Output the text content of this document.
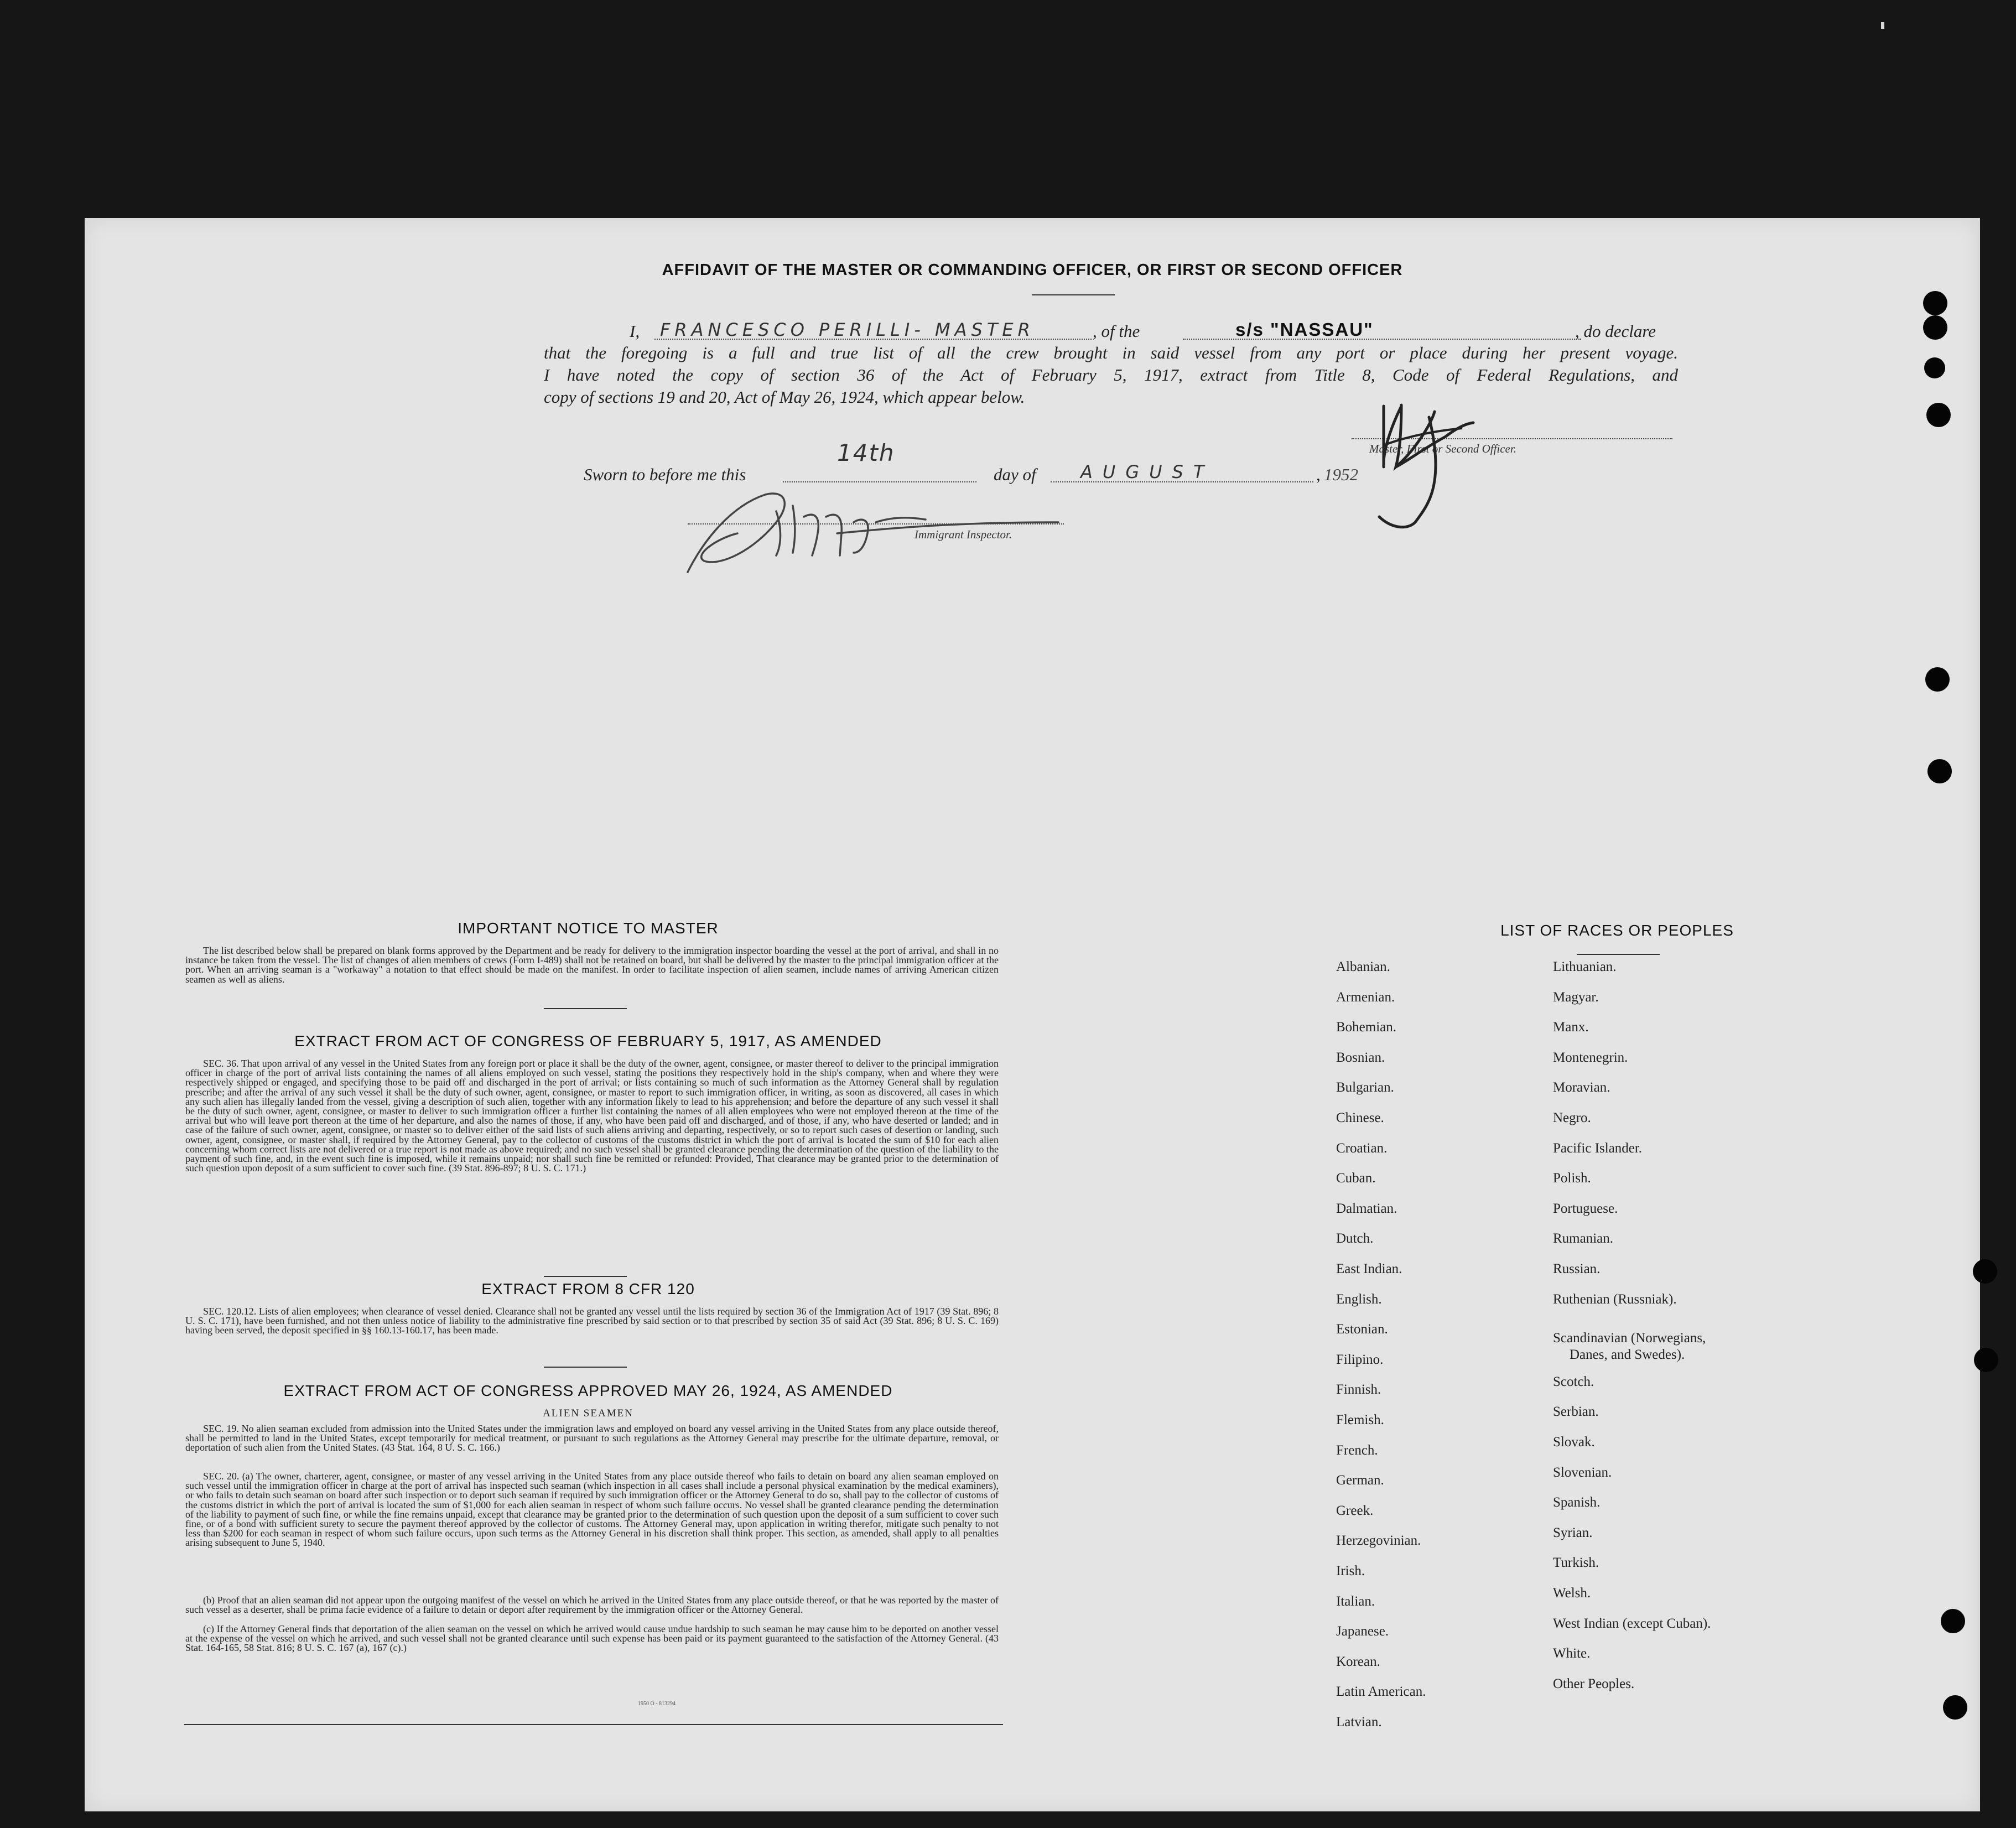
AFFIDAVIT OF THE MASTER OR COMMANDING OFFICER, OR FIRST OR SECOND OFFICER
I, FRANCESCO PERILLI- MASTER	, of the	s/s "NASSAU"	, do declare
that the foregoing is a full and true list of all the crew brought in said vessel from any port or place during her present voyage.
I have noted the copy of section 36 of the Act of February 5, 1917, extract from Title 8, Code of Federal Regulations, and
copy of sections 19 and 20, Act of May 26, 1924, which appear below.
Master, First or Second Officer.
Sworn to before me this
14th
day of	AUGUST	, 1952
Immigrant Inspector.
IMPORTANT NOTICE TO MASTER
The list described below shall be prepared on blank forms approved by the Department and be ready for delivery to the immigration inspector boarding the vessel at the port of arrival, and shall in no instance be taken from the vessel. The list of changes of alien members of crews (Form I-489) shall not be retained on board, but shall be delivered by the master to the principal immigration officer at the port. When an arriving seaman is a "workaway" a notation to that effect should be made on the manifest. In order to facilitate inspection of alien seamen, include names of arriving American citizen seamen as well as aliens.
EXTRACT FROM ACT OF CONGRESS OF FEBRUARY 5, 1917, AS AMENDED
SEC. 36. That upon arrival of any vessel in the United States from any foreign port or place it shall be the duty of the owner, agent, consignee, or master thereof to deliver to the principal immigration officer in charge of the port of arrival lists containing the names of all aliens employed on such vessel, stating the positions they respectively hold in the ship's company, when and where they were respectively shipped or engaged, and specifying those to be paid off and discharged in the port of arrival; or lists containing so much of such information as the Attorney General shall by regulation prescribe; and after the arrival of any such vessel it shall be the duty of such owner, agent, consignee, or master to report to such immigration officer, in writing, as soon as discovered, all cases in which any such alien has illegally landed from the vessel, giving a description of such alien, together with any information likely to lead to his apprehension; and before the departure of any such vessel it shall be the duty of such owner, agent, consignee, or master to deliver to such immigration officer a further list containing the names of all alien employees who were not employed thereon at the time of the arrival but who will leave port thereon at the time of her departure, and also the names of those, if any, who have been paid off and discharged, and of those, if any, who have deserted or landed; and in case of the failure of such owner, agent, consignee, or master so to deliver either of the said lists of such aliens arriving and departing, respectively, or so to report such cases of desertion or landing, such owner, agent, consignee, or master shall, if required by the Attorney General, pay to the collector of customs of the customs district in which the port of arrival is located the sum of $10 for each alien concerning whom correct lists are not delivered or a true report is not made as above required; and no such vessel shall be granted clearance pending the determination of the question of the liability to the payment of such fine, and, in the event such fine is imposed, while it remains unpaid; nor shall such fine be remitted or refunded: Provided, That clearance may be granted prior to the determination of such question upon deposit of a sum sufficient to cover such fine. (39 Stat. 896-897; 8 U. S. C. 171.)
EXTRACT FROM 8 CFR 120
SEC. 120.12. Lists of alien employees; when clearance of vessel denied. Clearance shall not be granted any vessel until the lists required by section 36 of the Immigration Act of 1917 (39 Stat. 896; 8 U. S. C. 171), have been furnished, and not then unless notice of liability to the administrative fine prescribed by said section or to that prescribed by section 35 of said Act (39 Stat. 896; 8 U. S. C. 169) having been served, the deposit specified in §§ 160.13-160.17, has been made.
EXTRACT FROM ACT OF CONGRESS APPROVED MAY 26, 1924, AS AMENDED
ALIEN SEAMEN
SEC. 19. No alien seaman excluded from admission into the United States under the immigration laws and employed on board any vessel arriving in the United States from any place outside thereof, shall be permitted to land in the United States, except temporarily for medical treatment, or pursuant to such regulations as the Attorney General may prescribe for the ultimate departure, removal, or deportation of such alien from the United States. (43 Stat. 164, 8 U. S. C. 166.)
SEC. 20. (a) The owner, charterer, agent, consignee, or master of any vessel arriving in the United States from any place outside thereof who fails to detain on board any alien seaman employed on such vessel until the immigration officer in charge at the port of arrival has inspected such seaman (which inspection in all cases shall include a personal physical examination by the medical examiners), or who fails to detain such seaman on board after such inspection or to deport such seaman if required by such immigration officer or the Attorney General to do so, shall pay to the collector of customs of the customs district in which the port of arrival is located the sum of $1,000 for each alien seaman in respect of whom such failure occurs. No vessel shall be granted clearance pending the determination of the liability to payment of such fine, or while the fine remains unpaid, except that clearance may be granted prior to the determination of such question upon the deposit of a sum sufficient to cover such fine, or of a bond with sufficient surety to secure the payment thereof approved by the collector of customs. The Attorney General may, upon application in writing therefor, mitigate such penalty to not less than $200 for each seaman in respect of whom such failure occurs, upon such terms as the Attorney General in his discretion shall think proper. This section, as amended, shall apply to all penalties arising subsequent to June 5, 1940.
(b) Proof that an alien seaman did not appear upon the outgoing manifest of the vessel on which he arrived in the United States from any place outside thereof, or that he was reported by the master of such vessel as a deserter, shall be prima facie evidence of a failure to detain or deport after requirement by the immigration officer or the Attorney General.
(c) If the Attorney General finds that deportation of the alien seaman on the vessel on which he arrived would cause undue hardship to such seaman he may cause him to be deported on another vessel at the expense of the vessel on which he arrived, and such vessel shall not be granted clearance until such expense has been paid or its payment guaranteed to the satisfaction of the Attorney General. (43 Stat. 164-165, 58 Stat. 816; 8 U. S. C. 167 (a), 167 (c).)
1950 O - 813294
LIST OF RACES OR PEOPLES
Albanian.
Armenian.
Bohemian.
Bosnian.
Bulgarian.
Chinese.
Croatian.
Cuban.
Dalmatian.
Dutch.
East Indian.
English.
Estonian.
Filipino.
Finnish.
Flemish.
French.
German.
Greek.
Herzegovinian.
Irish.
Italian.
Japanese.
Korean.
Latin American.
Latvian.
Lithuanian.
Magyar.
Manx.
Montenegrin.
Moravian.
Negro.
Pacific Islander.
Polish.
Portuguese.
Rumanian.
Russian.
Ruthenian (Russniak).
Scandinavian (Norwegians,
Danes, and Swedes).
Scotch.
Serbian.
Slovak.
Slovenian.
Spanish.
Syrian.
Turkish.
Welsh.
West Indian (except Cuban).
White.
Other Peoples.
